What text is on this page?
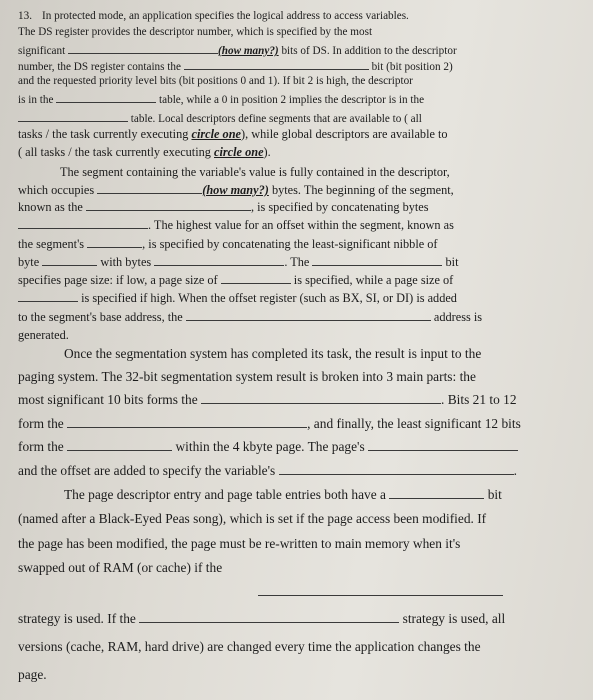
13. In protected mode, an application specifies the logical address to access variables.
The DS register provides the descriptor number, which is specified by the most
significant	(how many?) bits of DS. In addition to the descriptor
number, the DS register contains the	bit (bit position 2)
and the requested priority level bits (bit positions 0 and 1). If bit 2 is high, the descriptor
is in the	table, while a 0 in position 2 implies the descriptor is in the
table. Local descriptors define segments that are available to ( all
tasks / the task currently executing circle one), while global descriptors are available to
( all tasks / the task currently executing circle one).
The segment containing the variable's value is fully contained in the descriptor,
which occupies	(how many?) bytes. The beginning of the segment,
known as the	, is specified by concatenating bytes
. The highest value for an offset within the segment, known as
the segment's	, is specified by concatenating the least-significant nibble of
byte	with bytes	. The	bit
specifies page size: if low, a page size of	is specified, while a page size of
is specified if high. When the offset register (such as BX, SI, or DI) is added
to the segment's base address, the	address is
generated.
Once the segmentation system has completed its task, the result is input to the
paging system. The 32-bit segmentation system result is broken into 3 main parts: the
most significant 10 bits forms the	. Bits 21 to 12
form the	, and finally, the least significant 12 bits
form the	within the 4 kbyte page. The page's
and the offset are added to specify the variable's	.
The page descriptor entry and page table entries both have a	bit
(named after a Black-Eyed Peas song), which is set if the page access been modified. If
the page has been modified, the page must be re-written to main memory when it's
swapped out of RAM (or cache) if the
strategy is used. If the	strategy is used, all
versions (cache, RAM, hard drive) are changed every time the application changes the
page.
